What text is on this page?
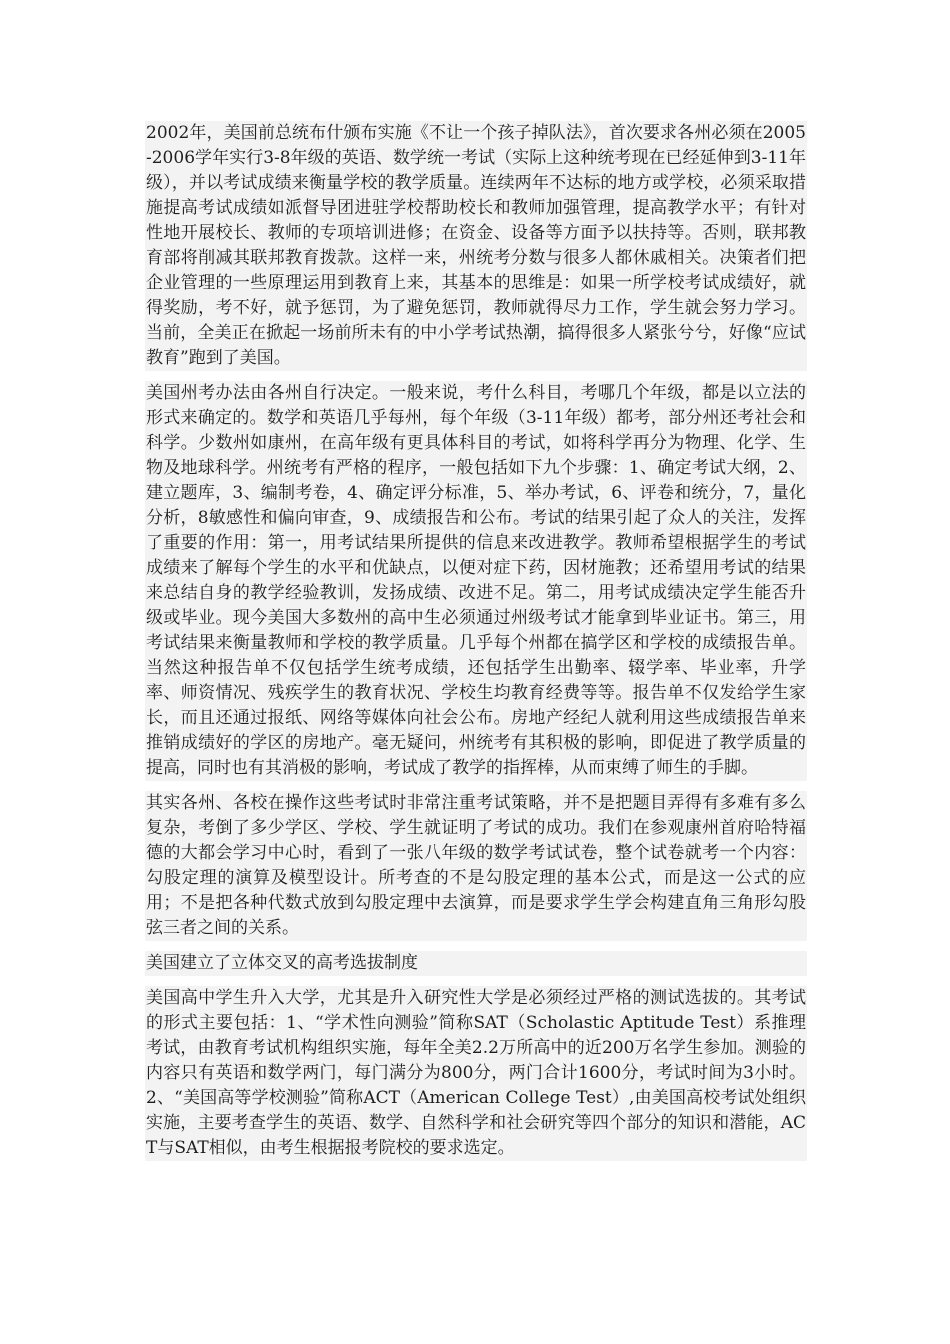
2002年，美国前总统布什颁布实施《不让一个孩子掉队法》，首次要求各州必须在2005-2006学年实行3-8年级的英语、数学统一考试（实际上这种统考现在已经延伸到3-11年级），并以考试成绩来衡量学校的教学质量。连续两年不达标的地方或学校，必须采取措施提高考试成绩如派督导团进驻学校帮助校长和教师加强管理，提高教学水平；有针对性地开展校长、教师的专项培训进修；在资金、设备等方面予以扶持等。否则，联邦教育部将削减其联邦教育拨款。这样一来，州统考分数与很多人都休戚相关。决策者们把企业管理的一些原理运用到教育上来，其基本的思维是：如果一所学校考试成绩好，就得奖励，考不好，就予惩罚，为了避免惩罚，教师就得尽力工作，学生就会努力学习。当前，全美正在掀起一场前所未有的中小学考试热潮，搞得很多人紧张兮兮，好像“应试教育”跑到了美国。

美国州考办法由各州自行决定。一般来说，考什么科目，考哪几个年级，都是以立法的形式来确定的。数学和英语几乎每州，每个年级（3-11年级）都考，部分州还考社会和科学。少数州如康州，在高年级有更具体科目的考试，如将科学再分为物理、化学、生物及地球科学。州统考有严格的程序，一般包括如下九个步骤：1、确定考试大纲，2、建立题库，3、编制考卷，4、确定评分标准，5、举办考试，6、评卷和统分，7，量化分析，8敏感性和偏向审查，9、成绩报告和公布。考试的结果引起了众人的关注，发挥了重要的作用：第一，用考试结果所提供的信息来改进教学。教师希望根据学生的考试成绩来了解每个学生的水平和优缺点，以便对症下药，因材施教；还希望用考试的结果来总结自身的教学经验教训，发扬成绩、改进不足。第二，用考试成绩决定学生能否升级或毕业。现今美国大多数州的高中生必须通过州级考试才能拿到毕业证书。第三，用考试结果来衡量教师和学校的教学质量。几乎每个州都在搞学区和学校的成绩报告单。当然这种报告单不仅包括学生统考成绩，还包括学生出勤率、辍学率、毕业率，升学率、师资情况、残疾学生的教育状况、学校生均教育经费等等。报告单不仅发给学生家长，而且还通过报纸、网络等媒体向社会公布。房地产经纪人就利用这些成绩报告单来推销成绩好的学区的房地产。毫无疑问，州统考有其积极的影响，即促进了教学质量的提高，同时也有其消极的影响，考试成了教学的指挥棒，从而束缚了师生的手脚。

其实各州、各校在操作这些考试时非常注重考试策略，并不是把题目弄得有多难有多么复杂，考倒了多少学区、学校、学生就证明了考试的成功。我们在参观康州首府哈特福德的大都会学习中心时，看到了一张八年级的数学考试试卷，整个试卷就考一个内容：勾股定理的演算及模型设计。所考查的不是勾股定理的基本公式，而是这一公式的应用；不是把各种代数式放到勾股定理中去演算，而是要求学生学会构建直角三角形勾股弦三者之间的关系。

美国建立了立体交叉的高考选拔制度

美国高中学生升入大学，尤其是升入研究性大学是必须经过严格的测试选拔的。其考试的形式主要包括：1、“学术性向测验”简称SAT（Scholastic Aptitude Test）系推理考试，由教育考试机构组织实施，每年全美2.2万所高中的近200万名学生参加。测验的内容只有英语和数学两门，每门满分为800分，两门合计1600分，考试时间为3小时。2、“美国高等学校测验”简称ACT（American College Test）,由美国高校考试处组织实施，主要考查学生的英语、数学、自然科学和社会研究等四个部分的知识和潜能，ACT与SAT相似，由考生根据报考院校的要求选定。
